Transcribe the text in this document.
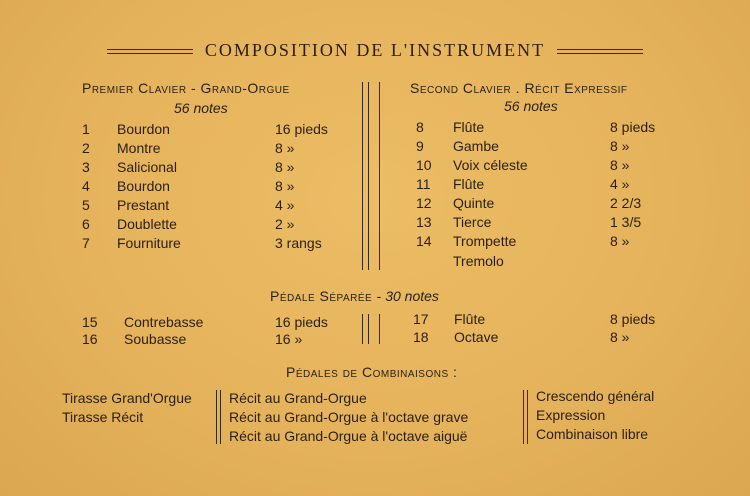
COMPOSITION DE L'INSTRUMENT
Premier Clavier - Grand-Orgue
56 notes
1 Bourdon	16 pieds
2 Montre	8 »
3 Salicional	8 »
4 Bourdon	8 »
5 Prestant	4 »
6 Doublette	2 »
7 Fourniture	3 rangs
Second Clavier . Récit Expressif
56 notes
8 Flûte	8 pieds
9 Gambe	8 »
10 Voix céleste	8 »
11 Flûte	4 »
12 Quinte	2 2/3
13 Tierce	1 3/5
14 Trompette	8 »
Tremolo
Pédale Séparée - 30 notes
15 Contrebasse	16 pieds
16 Soubasse	16 »
17 Flûte	8 pieds
18 Octave	8 »
Pédales de Combinaisons :
Tirasse Grand'Orgue
Tirasse Récit
Récit au Grand-Orgue
Récit au Grand-Orgue à l'octave grave
Récit au Grand-Orgue à l'octave aiguë
Crescendo général
Expression
Combinaison libre
